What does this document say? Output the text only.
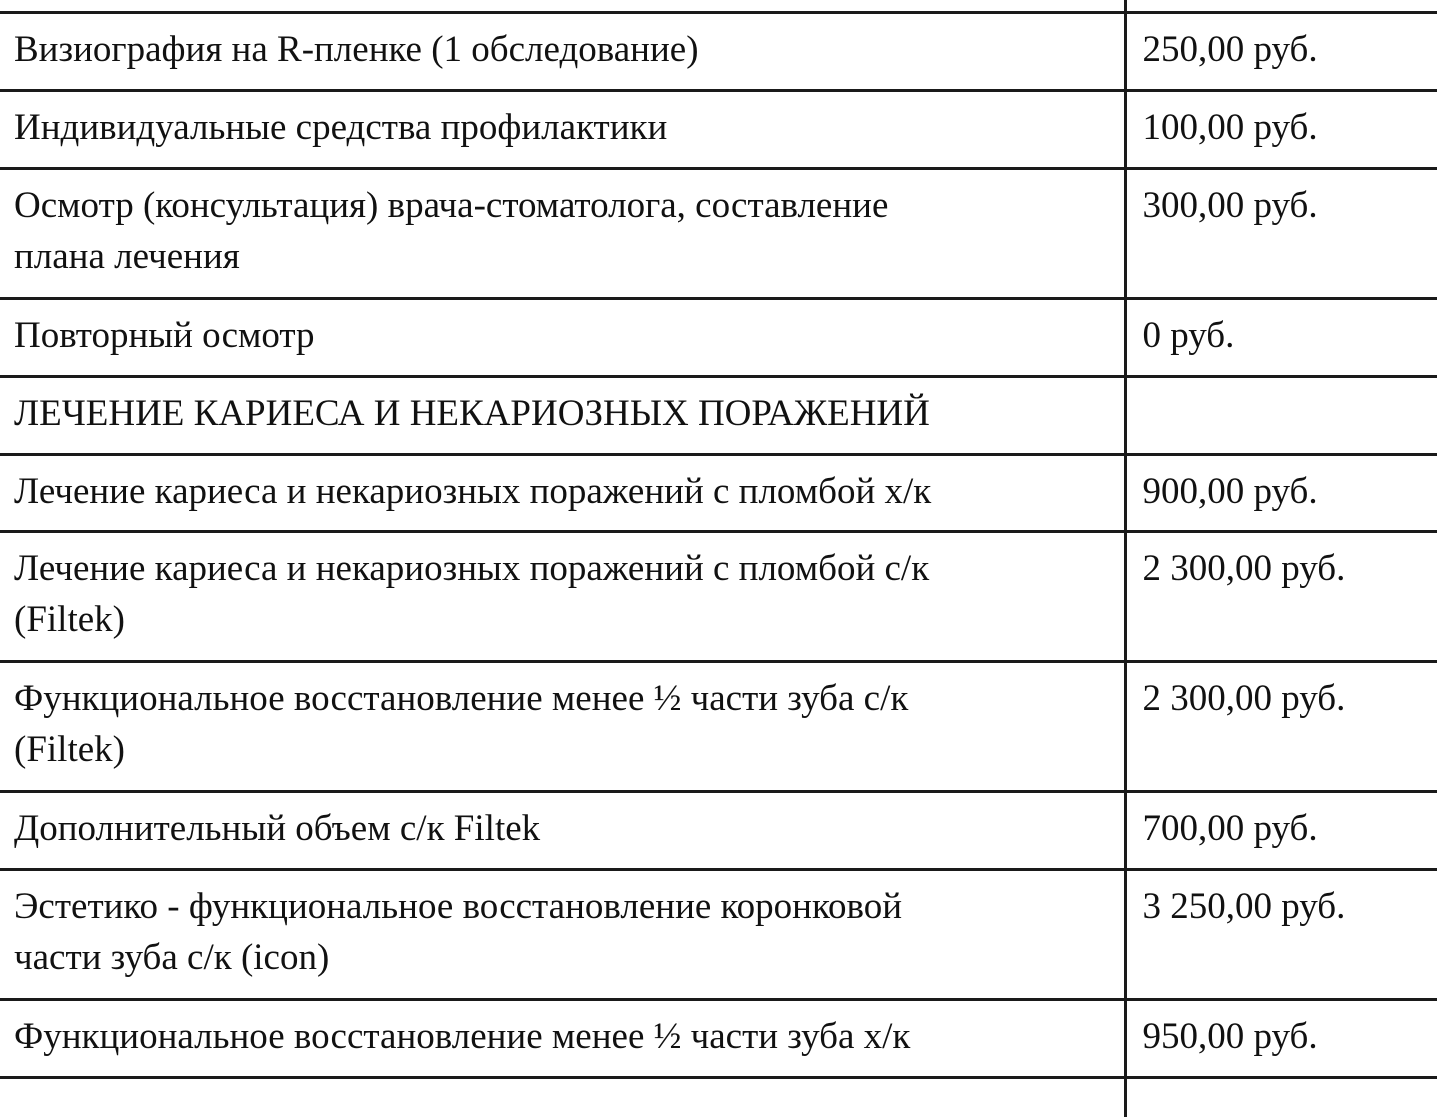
Визиография на R-пленке (1 обследование)	250,00 руб.

Индивидуальные средства профилактики	100,00 руб.

Осмотр (консультация) врача-стоматолога, составление
плана лечения	300,00 руб.

Повторный осмотр	0 руб.

ЛЕЧЕНИЕ КАРИЕСА И НЕКАРИОЗНЫХ ПОРАЖЕНИЙ	

Лечение кариеса и некариозных поражений с пломбой х/к	900,00 руб.

Лечение кариеса и некариозных поражений с пломбой с/к
(Filtek)	2 300,00 руб.

Функциональное восстановление менее ½ части зуба с/к
(Filtek)	2 300,00 руб.

Дополнительный объем с/к Filtek	700,00 руб.

Эстетико - функциональное восстановление коронковой
части зуба с/к (icon)	3 250,00 руб.

Функциональное восстановление менее ½ части зуба х/к	950,00 руб.
